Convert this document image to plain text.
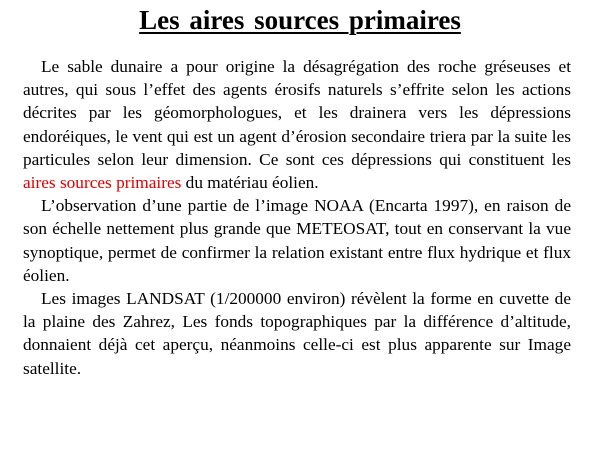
Les aires sources primaires

Le sable dunaire a pour origine la désagrégation des roche gréseuses et autres, qui sous l’effet des agents érosifs naturels s’effrite selon les actions décrites par les géomorphologues, et les drainera vers les dépressions endoréiques, le vent qui est un agent d’érosion secondaire triera par la suite les particules selon leur dimension. Ce sont ces dépressions qui constituent les aires sources primaires du matériau éolien.

L’observation d’une partie de l’image NOAA (Encarta 1997), en raison de son échelle nettement plus grande que METEOSAT, tout en conservant la vue synoptique, permet de confirmer la relation existant entre flux hydrique et flux éolien.

Les images LANDSAT (1/200000 environ) révèlent la forme en cuvette de la plaine des Zahrez, Les fonds topographiques par la différence d’altitude, donnaient déjà cet aperçu, néanmoins celle-ci est plus apparente sur Image satellite.
